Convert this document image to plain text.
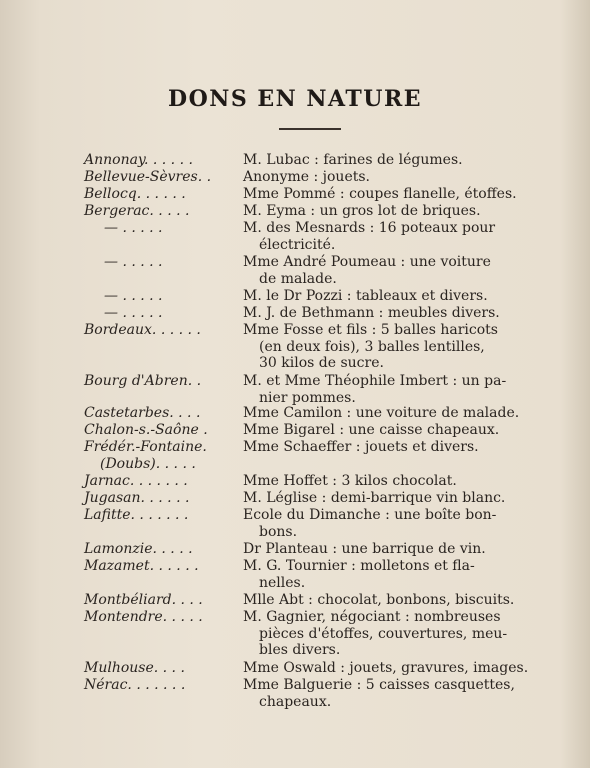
DONS EN NATURE
Annonay. . . . . .	M. Lubac : farines de légumes.
Bellevue-Sèvres. .	Anonyme : jouets.
Bellocq. . . . . .	Mme Pommé : coupes flanelle, étoffes.
Bergerac. . . . .	M. Eyma : un gros lot de briques.
— . . . . .	M. des Mesnards : 16 poteaux pour
électricité.
— . . . . .	Mme André Poumeau : une voiture
de malade.
— . . . . .	M. le Dr Pozzi : tableaux et divers.
— . . . . .	M. J. de Bethmann : meubles divers.
Bordeaux. . . . . .	Mme Fosse et fils : 5 balles haricots
(en deux fois), 3 balles lentilles,
30 kilos de sucre.
Bourg d'Abren. .	M. et Mme Théophile Imbert : un pa-
nier pommes.
Castetarbes. . . .	Mme Camilon : une voiture de malade.
Chalon-s.-Saône .	Mme Bigarel : une caisse chapeaux.
Frédér.-Fontaine.	Mme Schaeffer : jouets et divers.
(Doubs). . . . .
Jarnac. . . . . . .	Mme Hoffet : 3 kilos chocolat.
Jugasan. . . . . .	M. Léglise : demi-barrique vin blanc.
Lafitte. . . . . . .	Ecole du Dimanche : une boîte bon-
bons.
Lamonzie. . . . .	Dr Planteau : une barrique de vin.
Mazamet. . . . . .	M. G. Tournier : molletons et fla-
nelles.
Montbéliard. . . .	Mlle Abt : chocolat, bonbons, biscuits.
Montendre. . . . .	M. Gagnier, négociant : nombreuses
pièces d'étoffes, couvertures, meu-
bles divers.
Mulhouse. . . .	Mme Oswald : jouets, gravures, images.
Nérac. . . . . . .	Mme Balguerie : 5 caisses casquettes,
chapeaux.
